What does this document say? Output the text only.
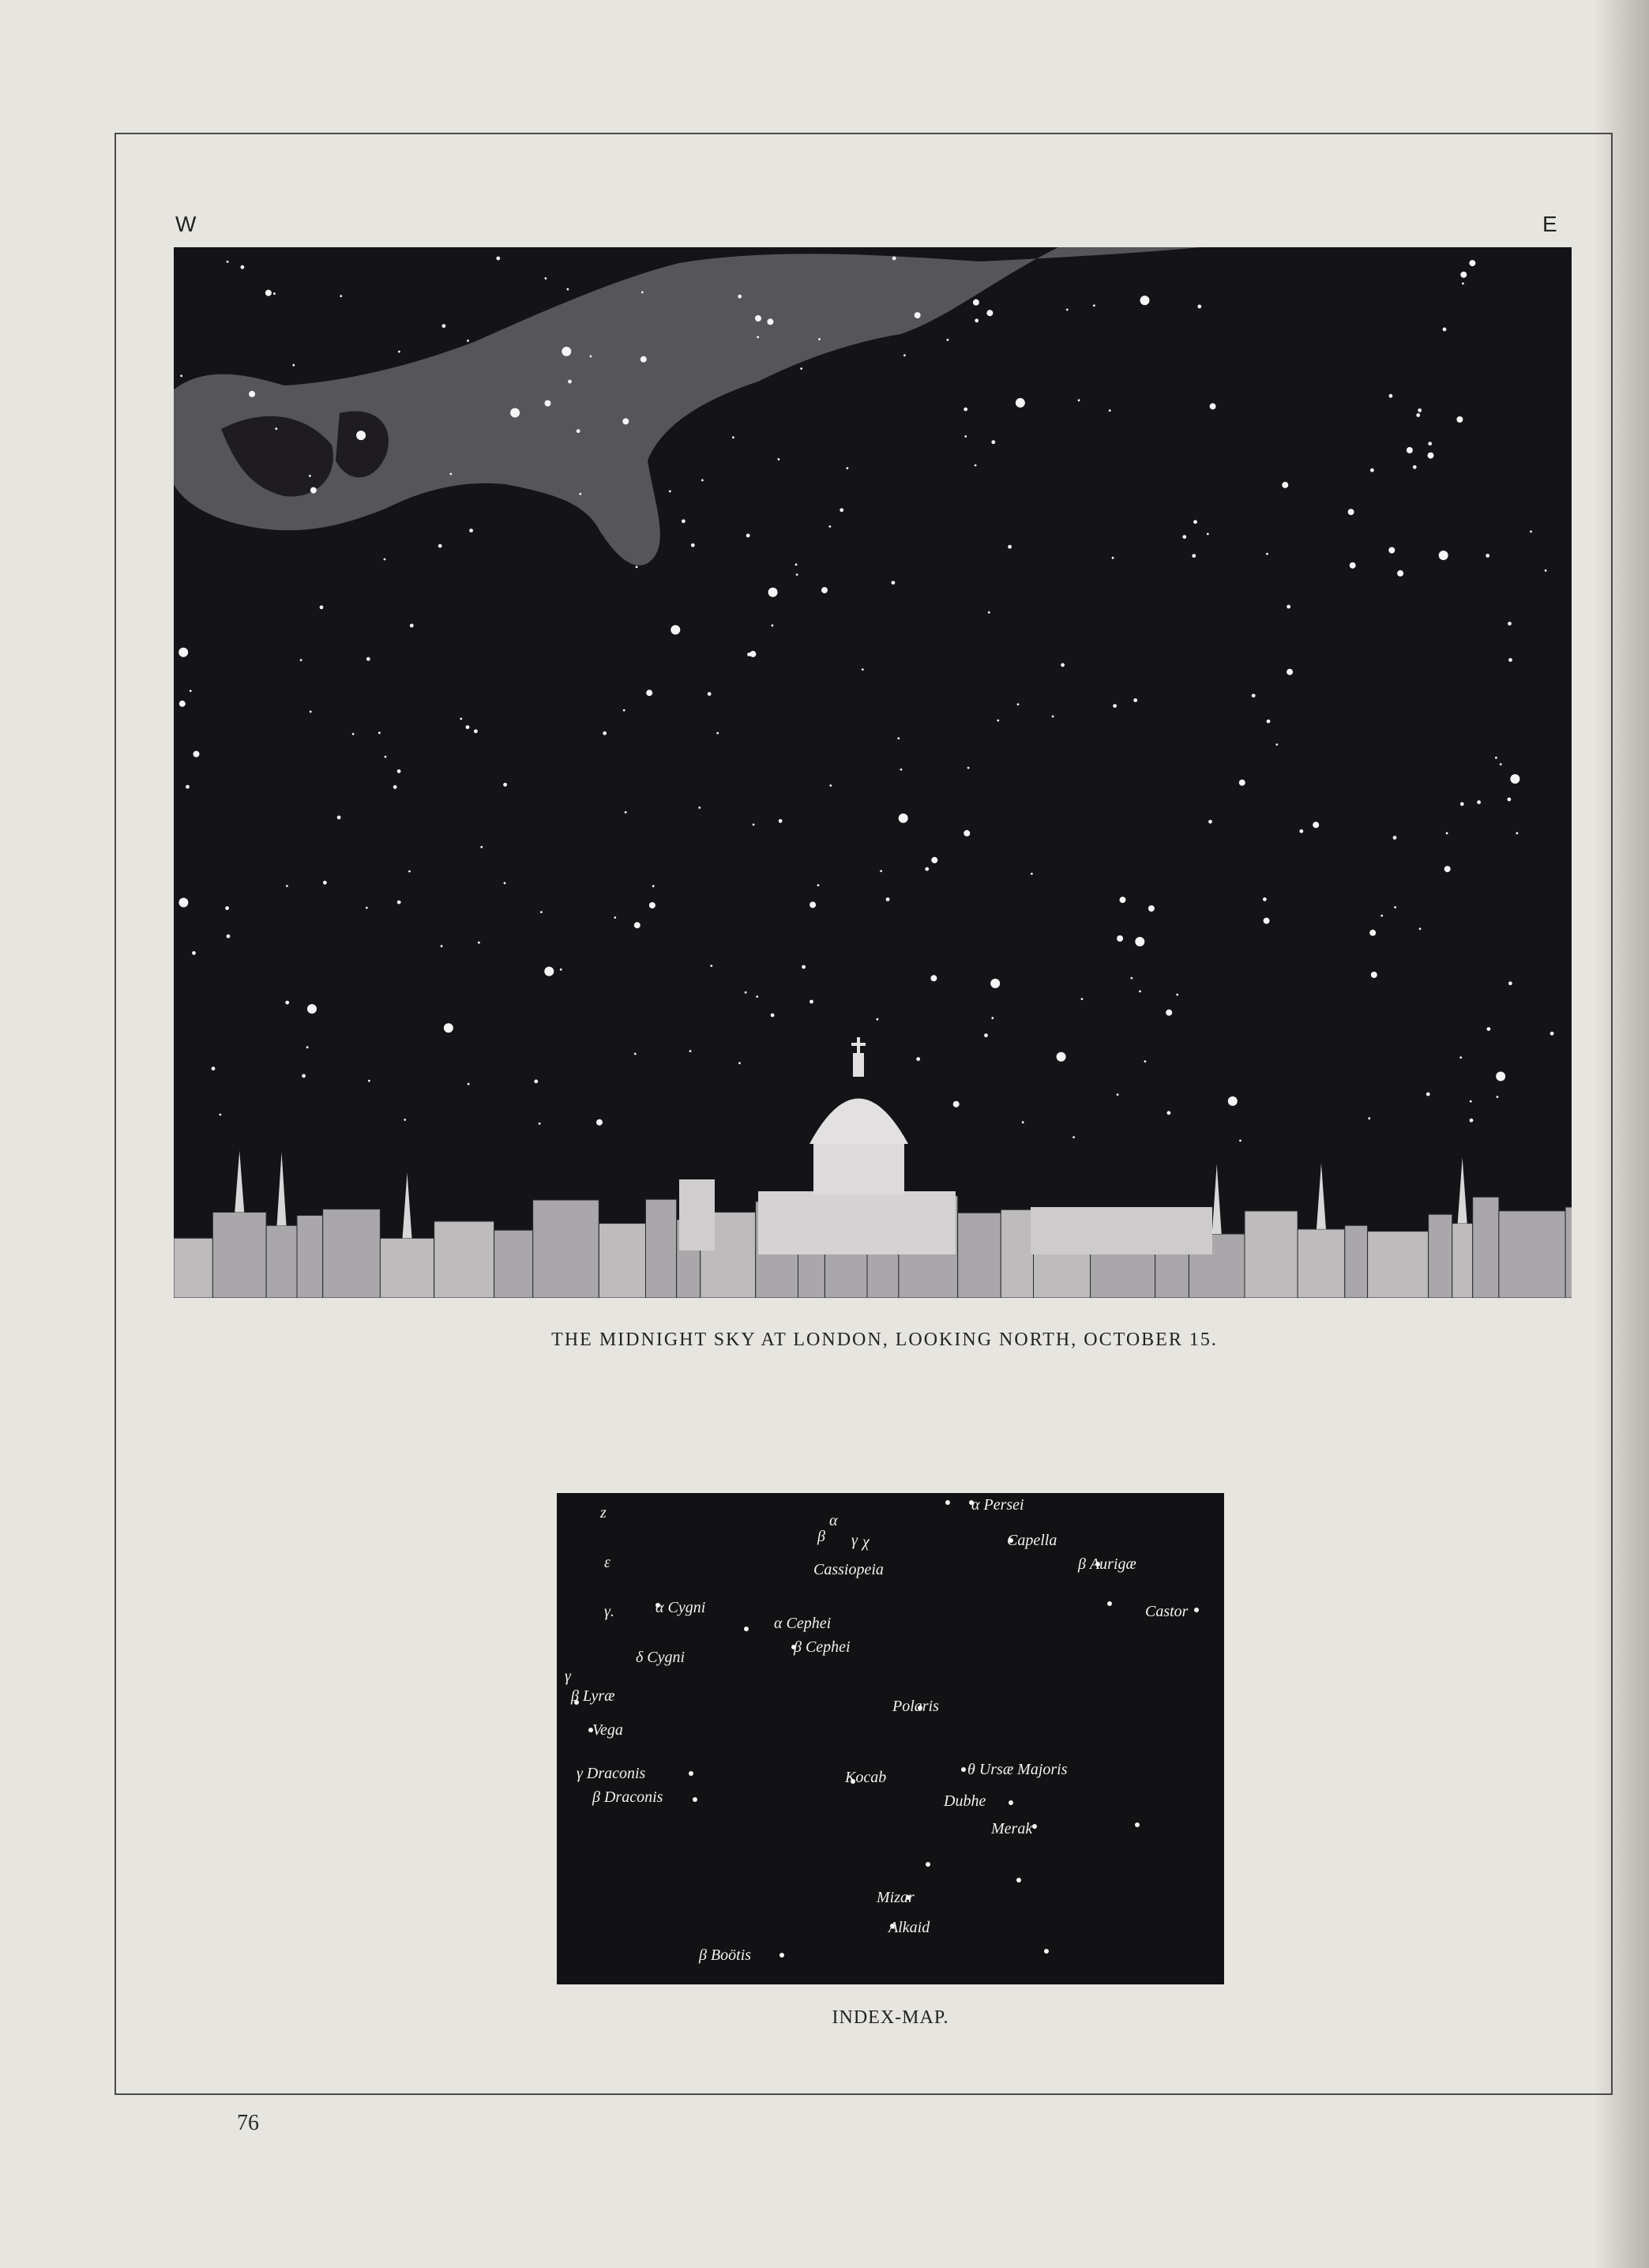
W	E
THE MIDNIGHT SKY AT LONDON, LOOKING NORTH, OCTOBER 15.
z
ε
α
β γ χ
α Persei
Cassiopeia
Capella
β Aurigæ
Castor
γ.	α Cygni
α Cephei
β Cephei
δ Cygni
γ
β Lyræ
Vega
Polaris
γ Draconis
β Draconis
θ Ursæ Majoris
Kocab
Dubhe
Merak
Mizar
Alkaid
β Boötis
INDEX-MAP.
76
